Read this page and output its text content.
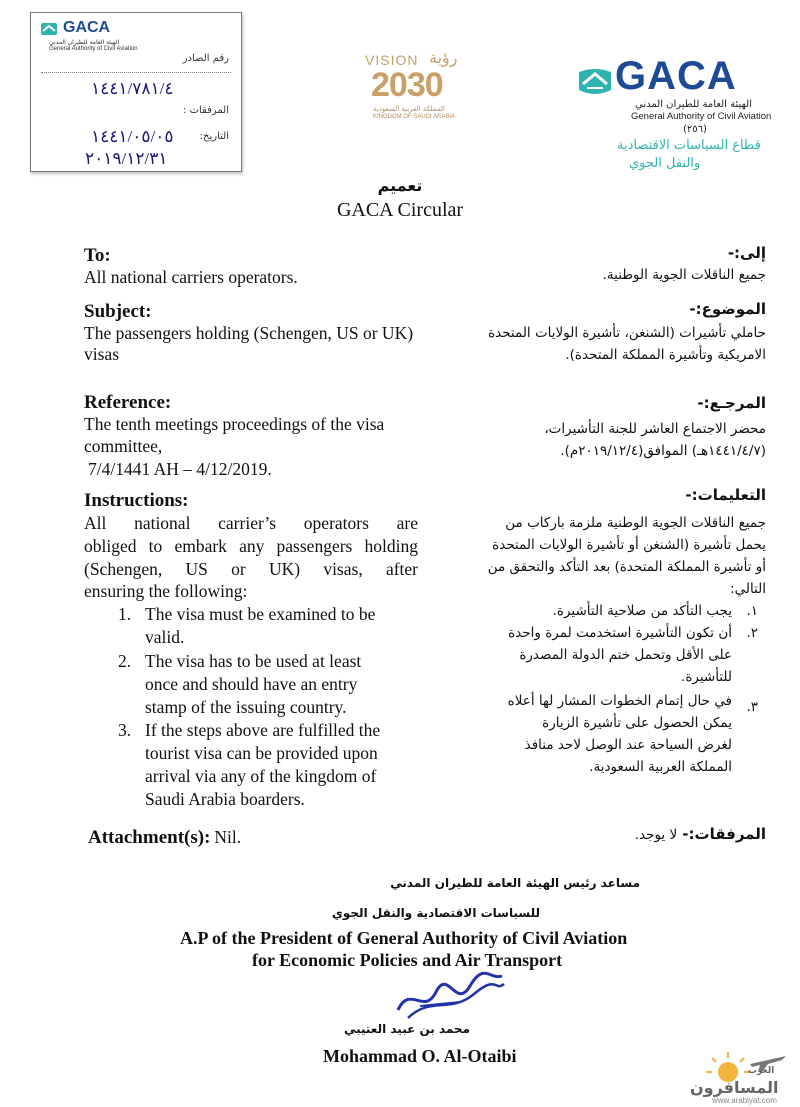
GACA
الهيئة العامة للطيران المدني
General Authority of Civil Aviation
رقم الصادر
١٤٤١/٧٨١/٤
المرفقات :
١٤٤١/٠٥/٠٥	التاريخ:
٢٠١٩/١٢/٣١
VISION رؤية
2030
المملكة العربية السعودية
KINGDOM OF SAUDI ARABIA
GACA
الهيئة العامة للطيران المدني
General Authority of Civil Aviation
(٢٥٦)
قطاع السياسات الاقتصادية
والنقل الجوي
تعميم
GACA Circular
To:
All national carriers operators.
إلى:-
جميع الناقلات الجوية الوطنية.
Subject:
The passengers holding (Schengen, US or UK)
visas
الموضوع:-
حاملي تأشيرات (الشنغن، تأشيرة الولايات المتحدة
الامريكية وتأشيرة المملكة المتحدة).
Reference:
The tenth meetings proceedings of the visa
committee,
7/4/1441 AH – 4/12/2019.
المرجـع:-
محضر الاجتماع العاشر للجنة التأشيرات،
(١٤٤١/٤/٧هـ) الموافق(٢٠١٩/١٢/٤م).
Instructions:
All national carrier’s operators are
obliged to embark any passengers holding
(Schengen, US or UK) visas, after
ensuring the following:
1. The visa must be examined to be
valid.
2. The visa has to be used at least
once and should have an entry
stamp of the issuing country.
3. If the steps above are fulfilled the
tourist visa can be provided upon
arrival via any of the kingdom of
Saudi Arabia boarders.
التعليمات:-
جميع الناقلات الجوية الوطنية ملزمة باركاب من
يحمل تأشيرة (الشنغن أو تأشيرة الولايات المتحدة
أو تأشيرة المملكة المتحدة) بعد التأكد والتحقق من
التالي:
١.
يجب التأكد من صلاحية التأشيرة.
٢.
أن تكون التأشيرة استخدمت لمرة واحدة
على الأقل وتحمل ختم الدولة المصدرة
للتأشيرة.
٣.
في حال إتمام الخطوات المشار لها أعلاه
يمكن الحصول على تأشيرة الزيارة
لغرض السياحة عند الوصل لاحد منافذ
المملكة العربية السعودية.
Attachment(s): Nil.	المرفقات:- لا يوجد.
مساعد رئيس الهيئة العامة للطيران المدني
للسياسات الاقتصادية والنقل الجوي
A.P of the President of General Authority of Civil Aviation
for Economic Policies and Air Transport
محمد بن عبيد العتيبي
Mohammad O. Al-Otaibi
العرب
المسافرون
www.arabiyat.com
